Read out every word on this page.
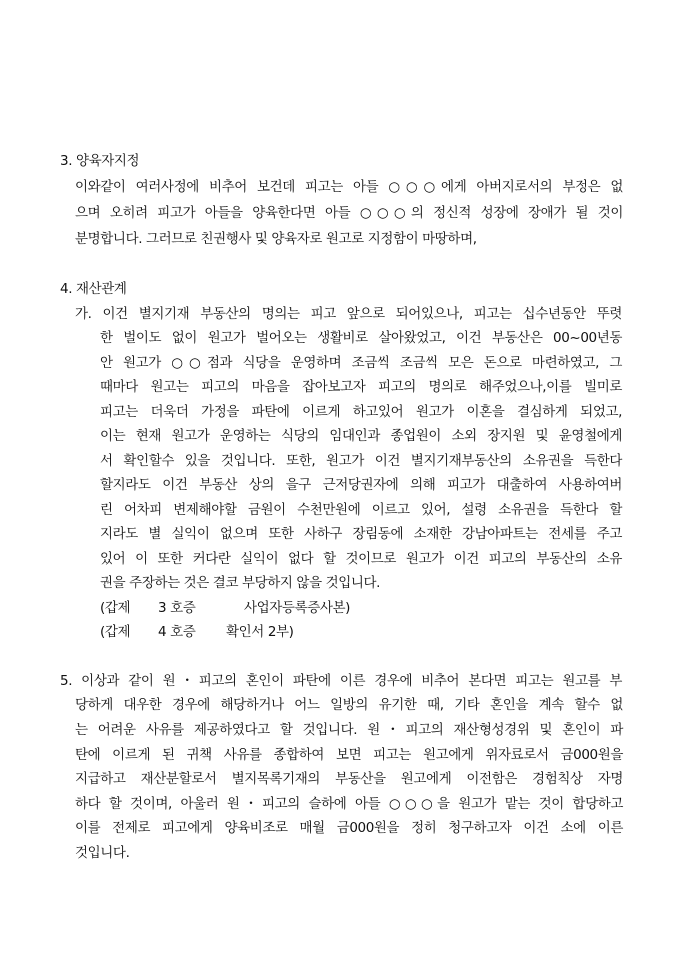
3. 양육자지정
이와같이 여러사정에 비추어 보건데 피고는 아들 ○○○에게 아버지로서의 부정은 없
으며 오히려 피고가 아들을 양육한다면 아들 ○○○의 정신적 성장에 장애가 될 것이
분명합니다. 그러므로 친권행사 및 양육자로 원고로 지정함이 마땅하며,
4. 재산관계
가. 이건 별지기재 부동산의 명의는 피고 앞으로 되어있으나, 피고는 십수년동안 뚜렷
한 벌이도 없이 원고가 벌어오는 생활비로 살아왔었고, 이건 부동산은 00~00년동
안 원고가 ○○점과 식당을 운영하며 조금씩 조금씩 모은 돈으로 마련하였고, 그
때마다 원고는 피고의 마음을 잡아보고자 피고의 명의로 해주었으나,이를 빌미로
피고는 더욱더 가정을 파탄에 이르게 하고있어 원고가 이혼을 결심하게 되었고,
이는 현재 원고가 운영하는 식당의 임대인과 종업원이 소외 장지원 및 윤영철에게
서 확인할수 있을 것입니다. 또한, 원고가 이건 별지기재부동산의 소유권을 득한다
할지라도 이건 부동산 상의 을구 근저당권자에 의해 피고가 대출하여 사용하여버
린 어차피 변제해야할 금원이 수천만원에 이르고 있어, 설령 소유권을 득한다 할
지라도 별 실익이 없으며 또한 사하구 장림동에 소재한 강남아파트는 전세를 주고
있어 이 또한 커다란 실익이 없다 할 것이므로 원고가 이건 피고의 부동산의 소유
권을 주장하는 것은 결코 부당하지 않을 것입니다.
(갑제 3 호증	사업자등록증사본)
(갑제 4 호증 확인서 2부)
5. 이상과 같이 원・피고의 혼인이 파탄에 이른 경우에 비추어 본다면 피고는 원고를 부
당하게 대우한 경우에 해당하거나 어느 일방의 유기한 때, 기타 혼인을 계속 할수 없
는 어려운 사유를 제공하였다고 할 것입니다. 원・피고의 재산형성경위 및 혼인이 파
탄에 이르게 된 귀책 사유를 종합하여 보면 피고는 원고에게 위자료로서 금000원을
지급하고 재산분할로서 별지목록기재의 부동산을 원고에게 이전함은 경험칙상 자명
하다 할 것이며, 아울러 원・피고의 슬하에 아들 ○○○을 원고가 맡는 것이 합당하고
이를 전제로 피고에게 양육비조로 매월 금000원을 정히 청구하고자 이건 소에 이른
것입니다.
